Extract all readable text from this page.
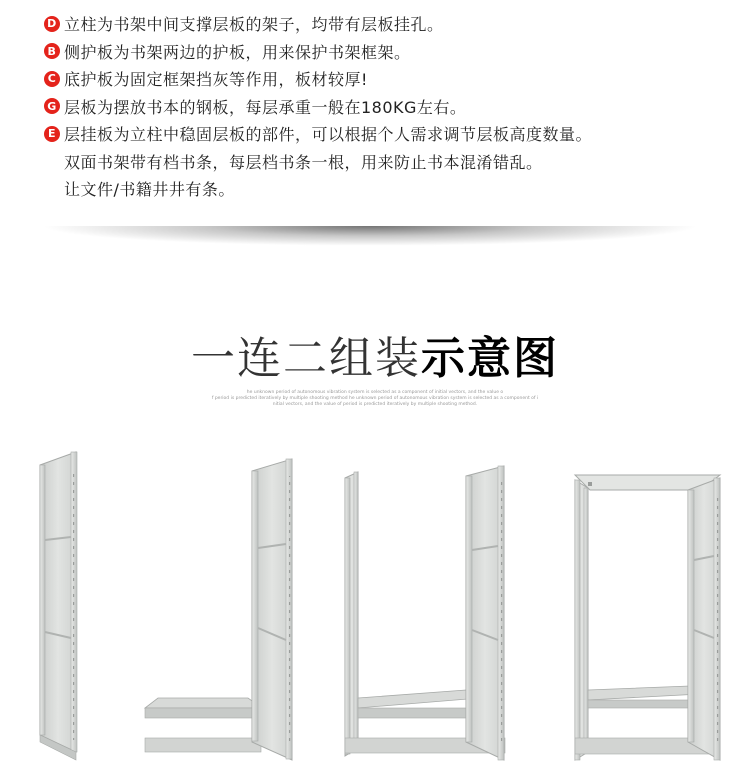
D 立柱为书架中间支撑层板的架子，均带有层板挂孔。
B 侧护板为书架两边的护板，用来保护书架框架。
C 底护板为固定框架挡灰等作用，板材较厚!
G 层板为摆放书本的钢板，每层承重一般在180KG左右。
E 层挂板为立柱中稳固层板的部件，可以根据个人需求调节层板高度数量。
双面书架带有档书条，每层档书条一根，用来防止书本混淆错乱。
让文件/书籍井井有条。
一连二组装示意图
he unknown period of autonomous vibration system is selected as a component of initial vectors, and the value o
f period is predicted iteratively by multiple shooting method he unknown period of autonomous vibration system is selected as a component of i
nitial vectors, and the value of period is predicted iteratively by multiple shooting method.
